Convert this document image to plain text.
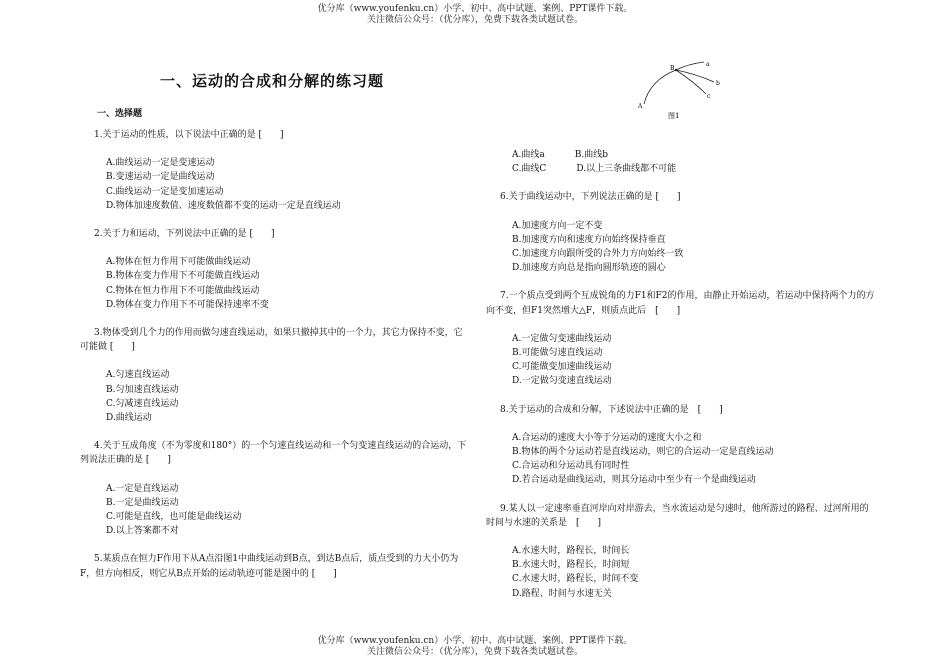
优分库（www.youfenku.cn）小学、初中、高中试题、案例、PPT课件下载。
关注微信公众号：（优分库），免费下载各类试题试卷。
一、运动的合成和分解的练习题
一、选择题
a
B
b
c
A
图1

1.关于运动的性质，以下说法中正确的是 [　　]

A.曲线运动一定是变速运动

B.变速运动一定是曲线运动

C.曲线运动一定是变加速运动

D.物体加速度数值、速度数值都不变的运动一定是直线运动

2.关于力和运动，下列说法中正确的是 [　　]

A.物体在恒力作用下可能做曲线运动

B.物体在变力作用下不可能做直线运动

C.物体在恒力作用下不可能做曲线运动

D.物体在变力作用下不可能保持速率不变

3.物体受到几个力的作用而做匀速直线运动，如果只撤掉其中的一个力，其它力保持不变，它可能做 [　　]

A.匀速直线运动

B.匀加速直线运动

C.匀减速直线运动

D.曲线运动

4.关于互成角度（不为零度和180°）的一个匀速直线运动和一个匀变速直线运动的合运动，下列说法正确的是 [　　]

A.一定是直线运动

B.一定是曲线运动

C.可能是直线，也可能是曲线运动

D.以上答案都不对

5.某质点在恒力F作用下从A点沿图1中曲线运动到B点，到达B点后，质点受到的力大小仍为F，但方向相反，则它从B点开始的运动轨迹可能是图中的 [　　]

A.曲线a	B.曲线b
C.曲线C	D.以上三条曲线都不可能

6.关于曲线运动中，下列说法正确的是 [　　]

A.加速度方向一定不变

B.加速度方向和速度方向始终保持垂直

C.加速度方向跟所受的合外力方向始终一致

D.加速度方向总是指向圆形轨迹的圆心

7.一个质点受到两个互成锐角的力F1和F2的作用，由静止开始运动，若运动中保持两个力的方向不变，但F1突然增大△F，则质点此后　[　　]

A.一定做匀变速曲线运动

B.可能做匀速直线运动

C.可能做变加速曲线运动

D.一定做匀变速直线运动

8.关于运动的合成和分解，下述说法中正确的是　[　　]

A.合运动的速度大小等于分运动的速度大小之和

B.物体的两个分运动若是直线运动，则它的合运动一定是直线运动

C.合运动和分运动具有同时性

D.若合运动是曲线运动，则其分运动中至少有一个是曲线运动

9.某人以一定速率垂直河岸向对岸游去，当水流运动是匀速时，他所游过的路程、过河所用的时间与水速的关系是　[　　]

A.水速大时，路程长，时间长

B.水速大时，路程长，时间短

C.水速大时，路程长，时间不变

D.路程、时间与水速无关

优分库（www.youfenku.cn）小学、初中、高中试题、案例、PPT课件下载。
关注微信公众号：（优分库），免费下载各类试题试卷。
